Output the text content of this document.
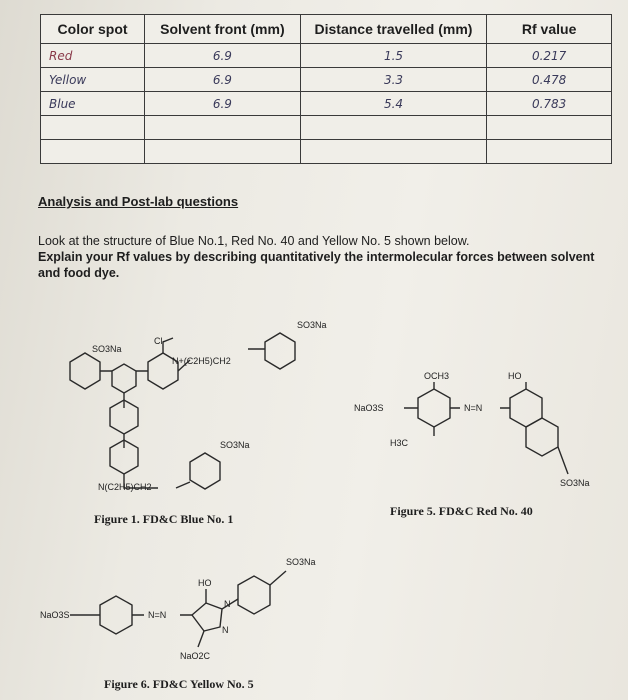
Color spot	Solvent front (mm)	Distance travelled (mm)	Rf value
Red	6.9	1.5	0.217
Yellow	6.9	3.3	0.478
Blue	6.9	5.4	0.783

Analysis and Post-lab questions
Look at the structure of Blue No.1, Red No. 40 and Yellow No. 5 shown below.
Explain your Rf values by describing quantitatively the intermolecular forces between solvent and food dye.
SO3Na
SO3Na
Cl-
N+(C2H5)CH2
SO3Na
N(C2H5)CH2
Figure 1. FD&C Blue No. 1
OCH3	HO
NaO3S	N=N
H3C
SO3Na
Figure 5. FD&C Red No. 40
SO3Na
HO
NaO3S	N=N
N
N
NaO2C
Figure 6. FD&C Yellow No. 5
